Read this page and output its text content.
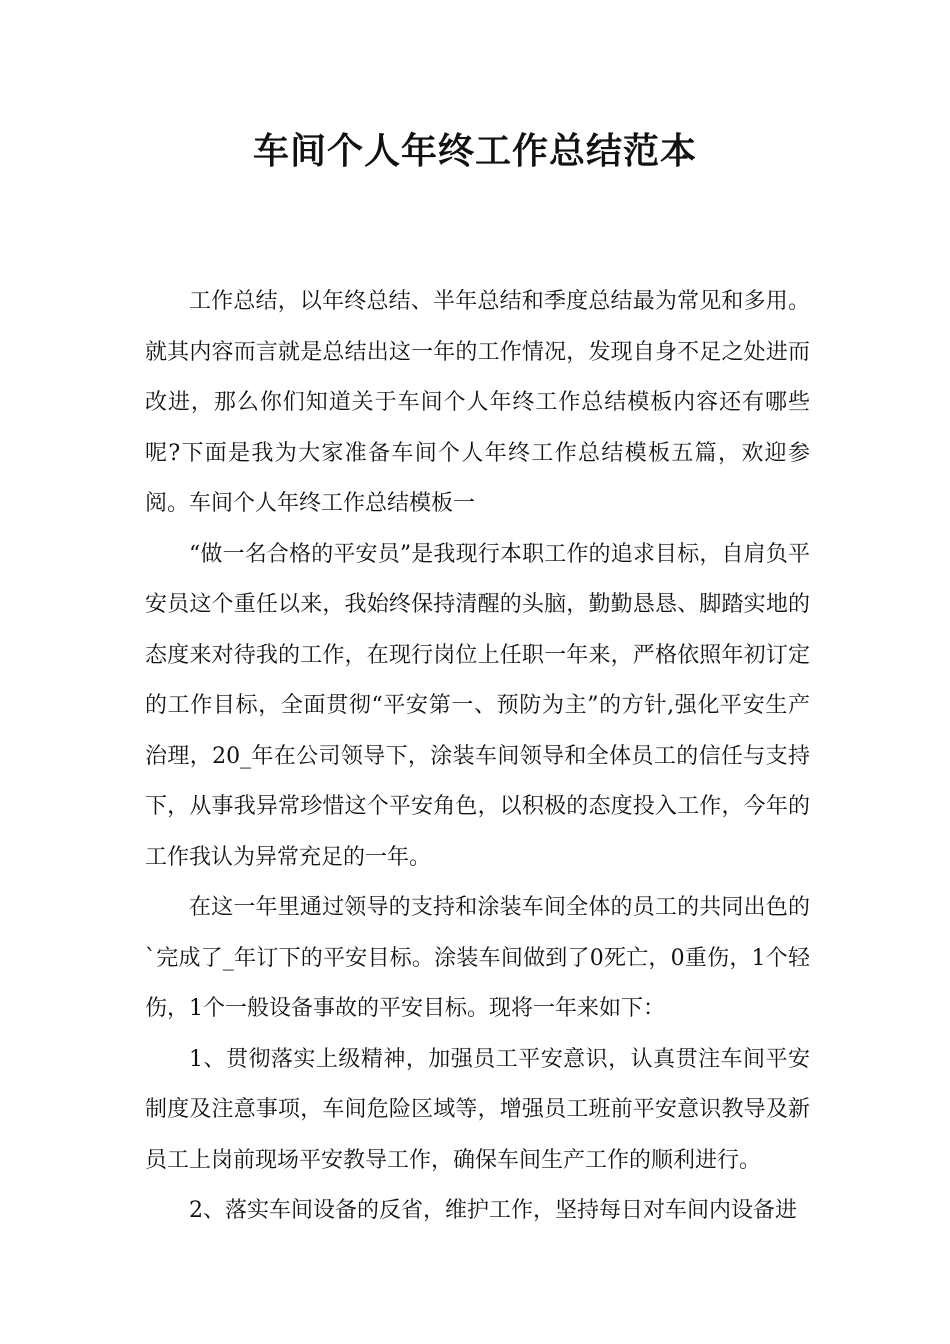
车间个人年终工作总结范本

工作总结，以年终总结、半年总结和季度总结最为常见和多用。就其内容而言就是总结出这一年的工作情况，发现自身不足之处进而改进，那么你们知道关于车间个人年终工作总结模板内容还有哪些呢?下面是我为大家准备车间个人年终工作总结模板五篇，欢迎参阅。车间个人年终工作总结模板一

“做一名合格的平安员”是我现行本职工作的追求目标，自肩负平安员这个重任以来，我始终保持清醒的头脑，勤勤恳恳、脚踏实地的态度来对待我的工作，在现行岗位上任职一年来，严格依照年初订定的工作目标，全面贯彻“平安第一、预防为主”的方针,强化平安生产治理，20_年在公司领导下，涂装车间领导和全体员工的信任与支持下，从事我异常珍惜这个平安角色，以积极的态度投入工作，今年的工作我认为异常充足的一年。

在这一年里通过领导的支持和涂装车间全体的员工的共同出色的`完成了_年订下的平安目标。涂装车间做到了0死亡，0重伤，1个轻伤，1个一般设备事故的平安目标。现将一年来如下：

1、贯彻落实上级精神，加强员工平安意识，认真贯注车间平安制度及注意事项，车间危险区域等，增强员工班前平安意识教导及新员工上岗前现场平安教导工作，确保车间生产工作的顺利进行。

2、落实车间设备的反省，维护工作，坚持每日对车间内设备进
